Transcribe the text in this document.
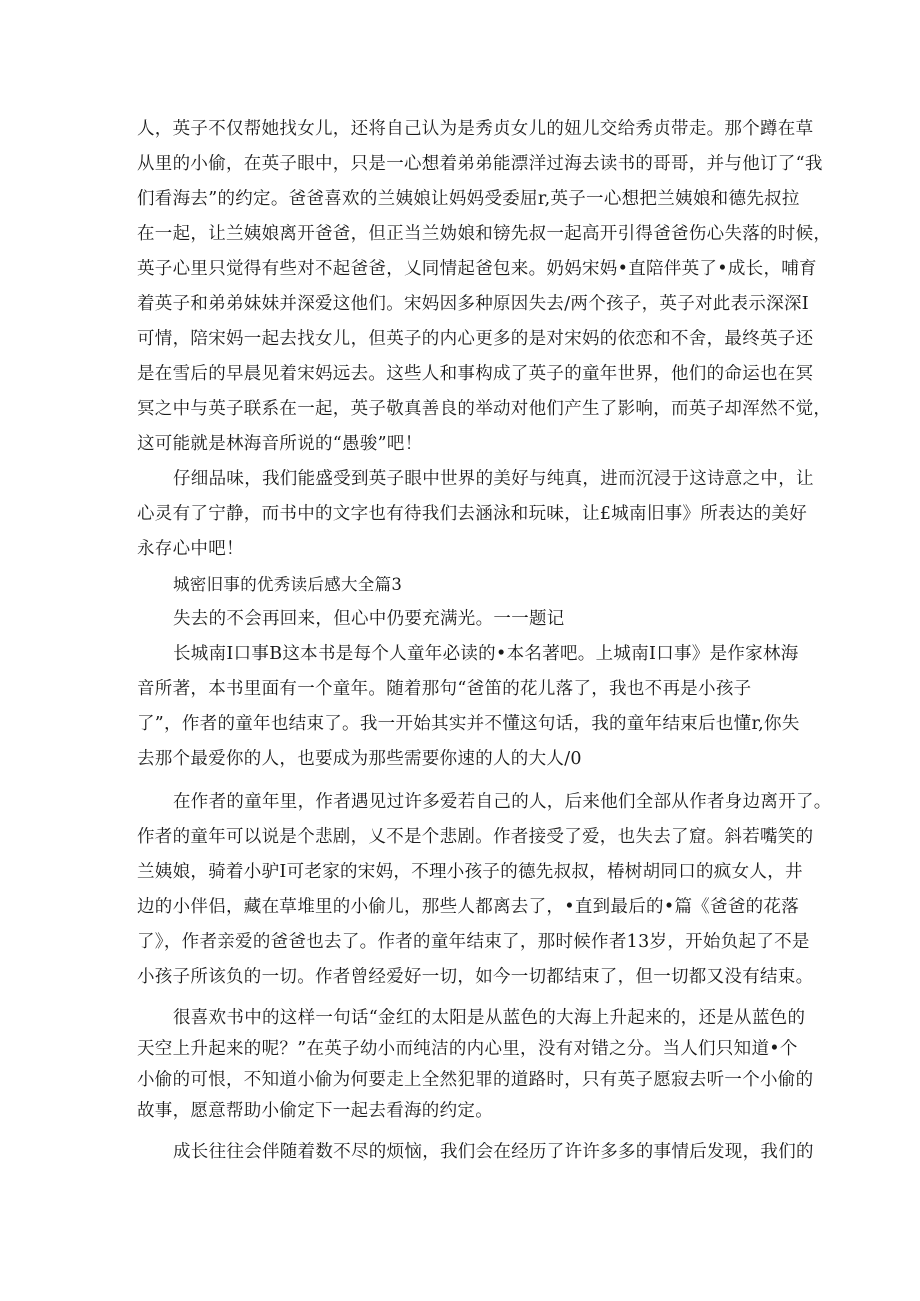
人，英子不仅帮她找女儿，还将自己认为是秀贞女儿的妞儿交给秀贞带走。那个蹲在草
从里的小偷，在英子眼中，只是一心想着弟弟能漂洋过海去读书的哥哥，并与他订了“我
们看海去”的约定。爸爸喜欢的兰姨娘让妈妈受委屈r,英子一心想把兰姨娘和德先叔拉
在一起，让兰姨娘离开爸爸，但正当兰妫娘和镑先叔一起高开引得爸爸伤心失落的时候，
英子心里只觉得有些对不起爸爸，乂同情起爸包来。奶妈宋妈•直陪伴英了•成长，哺育
着英子和弟弟妹妹并深爱这他们。宋妈因多种原因失去/两个孩子，英子对此表示深深I
可情，陪宋妈一起去找女儿，但英子的内心更多的是对宋妈的依恋和不舍，最终英子还
是在雪后的早晨见着宋妈远去。这些人和事构成了英子的童年世界，他们的命运也在冥
冥之中与英子联系在一起，英子敬真善良的举动对他们产生了影响，而英子却浑然不觉，
这可能就是林海音所说的“愚骏”吧！
仔细品味，我们能盛受到英子眼中世界的美好与纯真，进而沉浸于这诗意之中，让
心灵有了宁静，而书中的文字也有待我们去涵泳和玩味，让£城南旧事》所表达的美好
永存心中吧！
城密旧事的优秀读后感大全篇3
失去的不会再回来，但心中仍要充满光。一一题记
长城南I口事B这本书是每个人童年必读的•本名著吧。上城南I口事》是作家林海
音所著，本书里面有一个童年。随着那句“爸笛的花儿落了，我也不再是小孩子
了”，作者的童年也结束了。我一开始其实并不懂这句话，我的童年结束后也懂r,你失
去那个最爱你的人，也要成为那些需要你速的人的大人/0
在作者的童年里，作者遇见过许多爱若自己的人，后来他们全部从作者身边离开了。
作者的童年可以说是个悲剧，乂不是个悲剧。作者接受了爱，也失去了窟。斜若嘴笑的
兰姨娘，骑着小驴I可老家的宋妈，不理小孩子的德先叔叔，椿树胡同口的疯女人，井
边的小伴侣，藏在草堆里的小偷儿，那些人都离去了，•直到最后的•篇《爸爸的花落
了》，作者亲爱的爸爸也去了。作者的童年结束了，那时候作者13岁，开始负起了不是
小孩子所该负的一切。作者曾经爱好一切，如今一切都结束了，但一切都又没有结束。
很喜欢书中的这样一句话“金红的太阳是从蓝色的大海上升起来的，还是从蓝色的
天空上升起来的呢？”在英子幼小而纯洁的内心里，没有对错之分。当人们只知道•个
小偷的可恨，不知道小偷为何要走上全然犯罪的道路时，只有英子愿寂去听一个小偷的
故事，愿意帮助小偷定下一起去看海的约定。
成长往往会伴随着数不尽的烦恼，我们会在经历了许许多多的事情后发现，我们的
